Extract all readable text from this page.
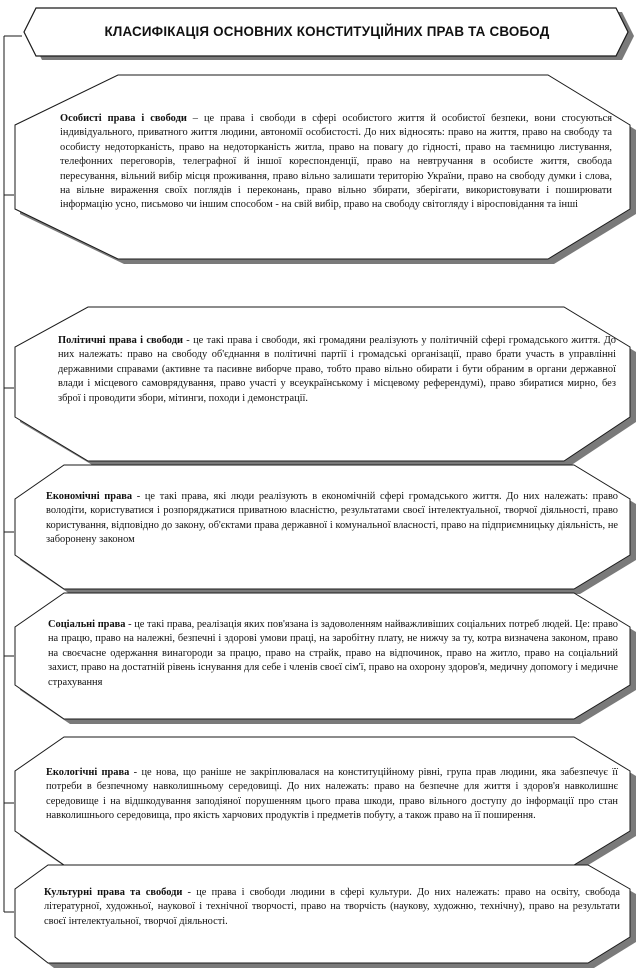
КЛАСИФІКАЦІЯ ОСНОВНИХ КОНСТИТУЦІЙНИХ ПРАВ ТА СВОБОД
Особисті права і свободи – це права і свободи в сфері особистого життя й особистої безпеки, вони стосуються індивідуального, приватного життя людини, автономії особистості. До них відносять: право на життя, право на свободу та особисту недоторканість, право на недоторканість житла, право на повагу до гідності, право на таємницю листування, телефонних переговорів, телеграфної й іншої кореспонденції, право на невтручання в особисте життя, свобода пересування, вільний вибір місця проживання, право вільно залишати територію України, право на свободу думки і слова, на вільне вираження своїх поглядів і переконань, право вільно збирати, зберігати, використовувати і поширювати інформацію усно, письмово чи іншим способом - на свій вибір, право на свободу світогляду і віросповідання та інші
Політичні права і свободи - це такі права і свободи, які громадяни реалізують у політичній сфері громадського життя. До них належать: право на свободу об'єднання в політичні партії і громадські організації, право брати участь в управлінні державними справами (активне та пасивне виборче право, тобто право вільно обирати і бути обраним в органи державної влади і місцевого самоврядування, право участі у всеукраїнському і місцевому референдумі), право збиратися мирно, без зброї і проводити збори, мітинги, походи і демонстрації.
Економічні права - це такі права, які люди реалізують в економічній сфері громадського життя. До них належать: право володіти, користуватися і розпоряджатися приватною власністю, результатами своєї інтелектуальної, творчої діяльності, право користування, відповідно до закону, об'єктами права державної і комунальної власності, право на підприємницьку діяльність, не заборонену законом
Соціальні права - це такі права, реалізація яких пов'язана із задоволенням найважливіших соціальних потреб людей. Це: право на працю, право на належні, безпечні і здорові умови праці, на заробітну плату, не нижчу за ту, котра визначена законом, право на своєчасне одержання винагороди за працю, право на страйк, право на відпочинок, право на житло, право на соціальний захист, право на достатній рівень існування для себе і членів своєї сім'ї, право на охорону здоров'я, медичну допомогу і медичне страхування
Екологічні права - це нова, що раніше не закріплювалася на конституційному рівні, група прав людини, яка забезпечує її потреби в безпечному навколишньому середовищі. До них належать: право на безпечне для життя і здоров'я навколишнє середовище і на відшкодування заподіяної порушенням цього права шкоди, право вільного доступу до інформації про стан навколишнього середовища, про якість харчових продуктів і предметів побуту, а також право на її поширення.
Культурні права та свободи - це права і свободи людини в сфері культури. До них належать: право на освіту, свобода літературної, художньої, наукової і технічної творчості, право на творчість (наукову, художню, технічну), право на результати своєї інтелектуальної, творчої діяльності.
